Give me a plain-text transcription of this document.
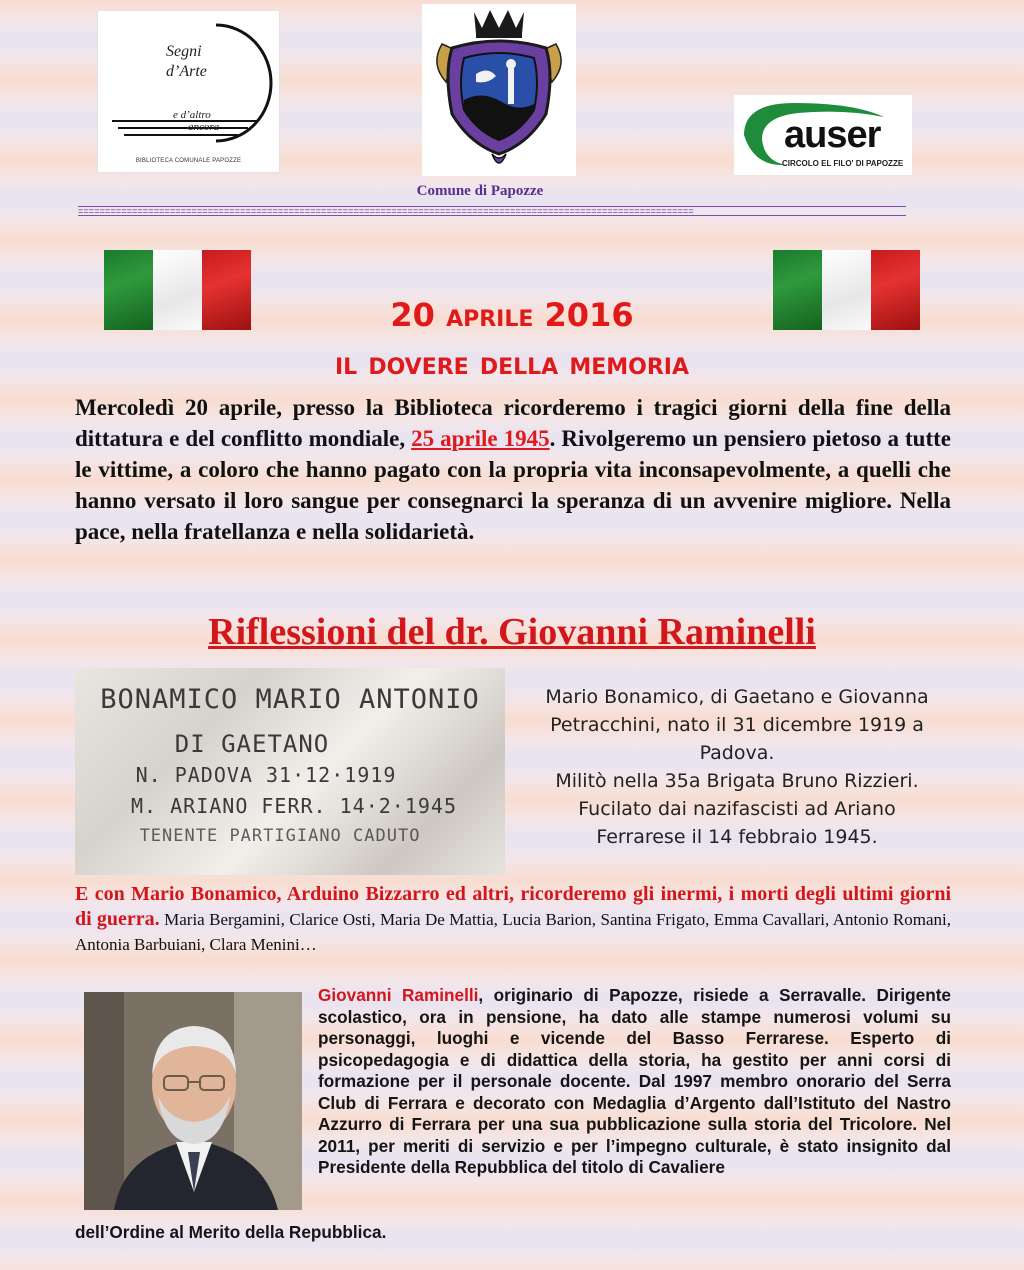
Segni
d’Arte
e d’altro
ancora
BIBLIOTECA COMUNALE PAPOZZE
Comune di Papozze
==================================================================================================================
auser
CIRCOLO EL FILO' DI PAPOZZE
20 aprile 2016
il dovere della memoria
Mercoledì 20 aprile, presso la Biblioteca ricorderemo i tragici giorni della fine della dittatura e del conflitto mondiale, 25 aprile 1945. Rivolgeremo un pensiero pietoso a tutte le vittime, a coloro che hanno pagato con la propria vita inconsapevolmente, a quelli che hanno versato il loro sangue per consegnarci la speranza di un avvenire migliore. Nella pace, nella fratellanza e nella solidarietà.
Riflessioni del dr. Giovanni Raminelli
BONAMICO MARIO ANTONIO
DI GAETANO
N. PADOVA 31·12·1919
M. ARIANO FERR. 14·2·1945
TENENTE PARTIGIANO CADUTO
Mario Bonamico, di Gaetano e Giovanna
Petracchini, nato il 31 dicembre 1919 a
Padova.
Militò nella 35a Brigata Bruno Rizzieri.
Fucilato dai nazifascisti ad Ariano
Ferrarese il 14 febbraio 1945.
E con Mario Bonamico, Arduino Bizzarro ed altri, ricorderemo gli inermi, i morti degli ultimi giorni di guerra. Maria Bergamini, Clarice Osti, Maria De Mattia, Lucia Barion, Santina Frigato, Emma Cavallari, Antonio Romani, Antonia Barbuiani, Clara Menini…
Giovanni Raminelli, originario di Papozze, risiede a Serravalle. Dirigente scolastico, ora in pensione, ha dato alle stampe numerosi volumi su personaggi, luoghi e vicende del Basso Ferrarese. Esperto di psicopedagogia e di didattica della storia, ha gestito per anni corsi di formazione per il personale docente. Dal 1997 membro onorario del Serra Club di Ferrara e decorato con Medaglia d’Argento dall’Istituto del Nastro Azzurro di Ferrara per una sua pubblicazione sulla storia del Tricolore. Nel 2011, per meriti di servizio e per l’impegno culturale, è stato insignito dal Presidente della Repubblica del titolo di Cavaliere
dell’Ordine al Merito della Repubblica.
